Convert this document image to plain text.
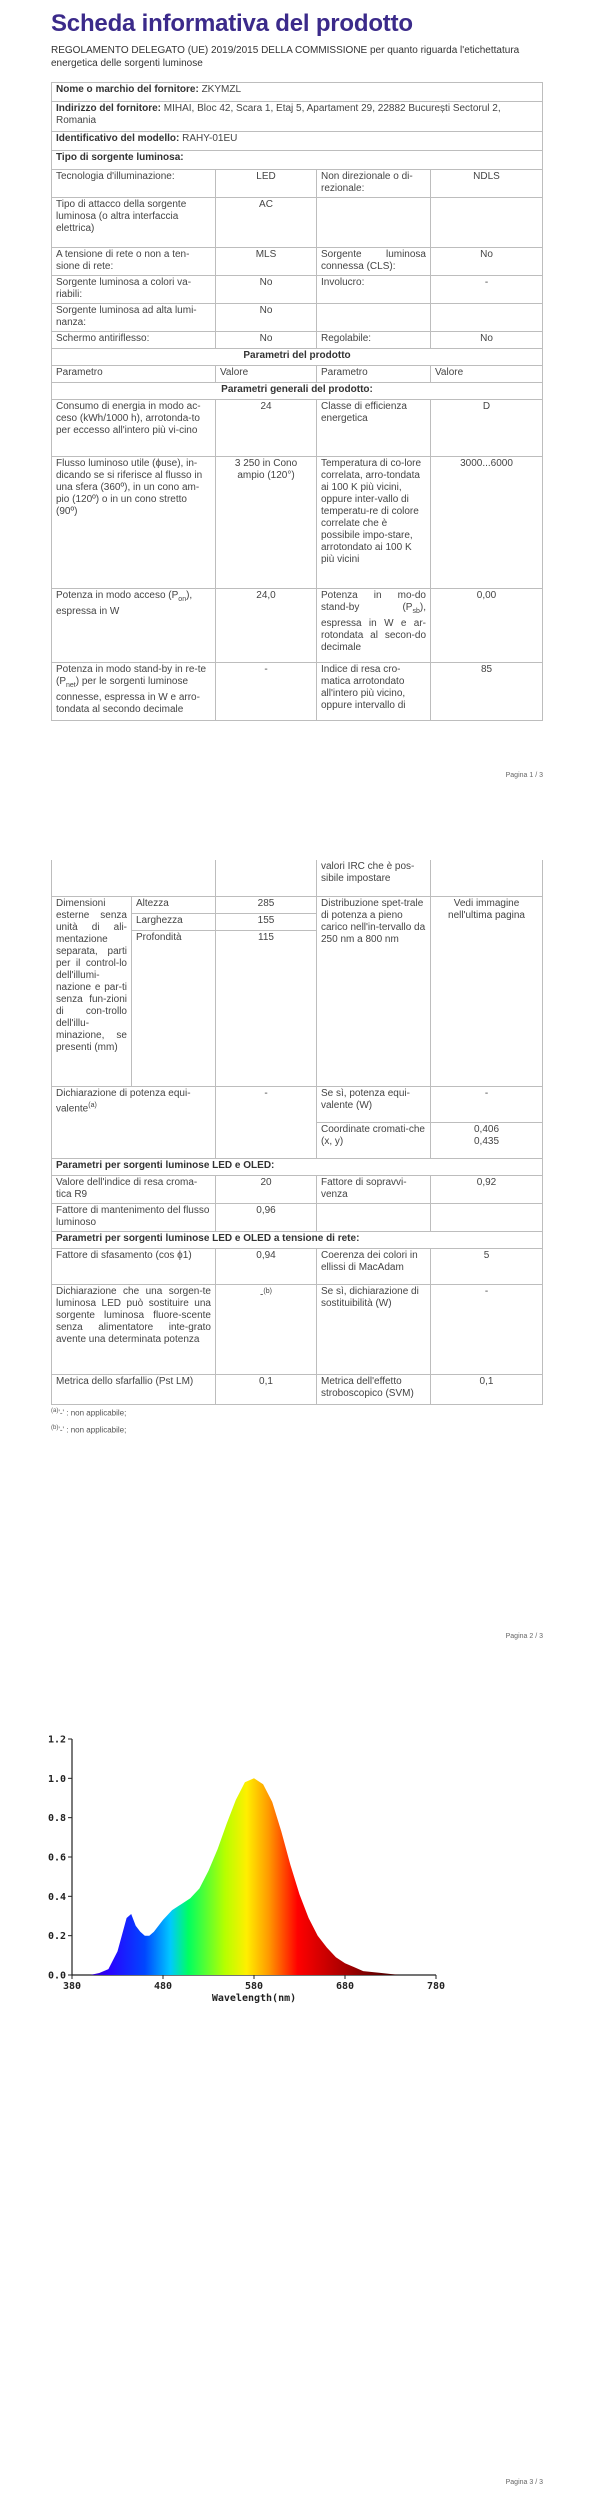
Scheda informativa del prodotto
REGOLAMENTO DELEGATO (UE) 2019/2015 DELLA COMMISSIONE per quanto riguarda l'etichettatura energetica delle sorgenti luminose
Nome o marchio del fornitore: ZKYMZL			
Indirizzo del fornitore: MIHAI, Bloc 42, Scara 1, Etaj 5, Apartament 29, 22882 București Sectorul 2, Romania			
Identificativo del modello: RAHY-01EU			
Tipo di sorgente luminosa:			
Tecnologia d'illuminazione:	LED	Non direzionale o di-rezionale:	NDLS
Tipo di attacco della sorgente luminosa (o altra interfaccia elettrica)	AC		
A tensione di rete o non a ten-sione di rete:	MLS	Sorgente luminosa connessa (CLS):	No
Sorgente luminosa a colori va-riabili:	No	Involucro:	-
Sorgente luminosa ad alta lumi-nanza:	No		
Schermo antiriflesso:	No	Regolabile:	No
Parametri del prodotto			
Parametro	Valore	Parametro	Valore
Parametri generali del prodotto:			
Consumo di energia in modo ac-ceso (kWh/1000 h), arrotonda-to per eccesso all'intero più vi-cino	24	Classe di efficienza energetica	D
Flusso luminoso utile (ϕuse), in-dicando se si riferisce al flusso in una sfera (360º), in un cono am-pio (120º) o in un cono stretto (90º)	3 250 in Cono ampio (120°)	Temperatura di co-lore correlata, arro-tondata ai 100 K più vicini, oppure inter-vallo di temperatu-re di colore correlate che è possibile impo-stare, arrotondato ai 100 K più vicini	3000...6000
Potenza in modo acceso $(P_{on})$, espressa in W	24,0	Potenza in mo-do stand-by $(P_{sb})$, espressa in W e ar-rotondata al secon-do decimale	0,00
Potenza in modo stand-by in re-te $(P_{net})$ per le sorgenti luminose connesse, espressa in W e arro-tondata al secondo decimale	-	Indice di resa cro-matica arrotondato all'intero più vicino, oppure intervallo di	85
Pagina 1 / 3
			valori IRC che è pos-sibile impostare	
Dimensioni esterne senza unità di ali-mentazione separata, parti per il control-lo dell'illumi-nazione e par-ti senza fun-zioni di con-trollo dell'illu-minazione, se presenti (mm)	Altezza	285	Distribuzione spet-trale di potenza a pieno carico nell'in-tervallo da 250 nm a 800 nm	Vedi immagine nell'ultima pagina
	Larghezza	155		
	Profondità	115		
Dichiarazione di potenza equi-valente$^{(a)}$		-	Se sì, potenza equi-valente (W)	-
			Coordinate cromati-che (x, y)	0,406
0,435

Parametri per sorgenti luminose LED e OLED:				
Valore dell'indice di resa croma-tica R9		20	Fattore di sopravvi-venza	0,92
Fattore di mantenimento del flusso luminoso		0,96		
Parametri per sorgenti luminose LED e OLED a tensione di rete:				
Fattore di sfasamento (cos ϕ1)		0,94	Coerenza dei colori in ellissi di MacAdam	5
Dichiarazione che una sorgen-te luminosa LED può sostituire una sorgente luminosa fluore-scente senza alimentatore inte-grato avente una determinata potenza		-$^{(b)}$	Se sì, dichiarazione di sostituibilità (W)	-
Metrica dello sfarfallio (Pst LM)		0,1	Metrica dell'effetto stroboscopico (SVM)	0,1
$^{(a)}$'-' : non applicabile;
$^{(b)}$'-' : non applicabile;
Pagina 2 / 3
Pagina 3 / 3
0.0
0.2
0.4
0.6
0.8
1.0
1.2
380	480	580	680	780
Wavelength(nm)
